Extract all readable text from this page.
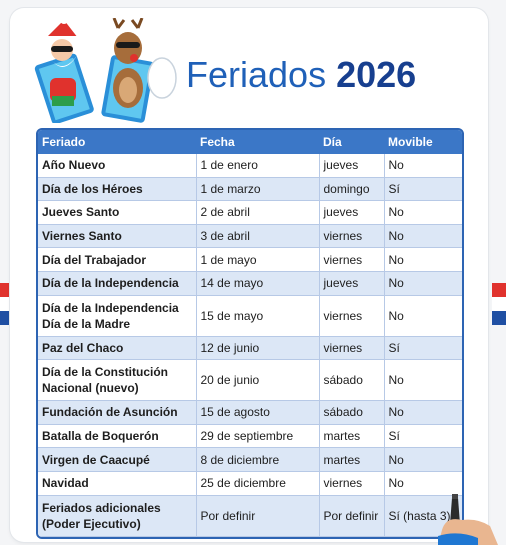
Feriados 2026
Feriado	Fecha	Día	Movible
Año Nuevo	1 de enero	jueves	No
Día de los Héroes	1 de marzo	domingo	Sí
Jueves Santo	2 de abril	jueves	No
Viernes Santo	3 de abril	viernes	No
Día del Trabajador	1 de mayo	viernes	No
Día de la Independencia	14 de mayo	jueves	No

Día de la Independencia
Día de la Madre	15 de mayo	viernes	No
Paz del Chaco	12 de junio	viernes	Sí

Día de la Constitución
Nacional (nuevo)	20 de junio	sábado	No
Fundación de Asunción	15 de agosto	sábado	No
Batalla de Boquerón	29 de septiembre	martes	Sí
Virgen de Caacupé	8 de diciembre	martes	No
Navidad	25 de diciembre	viernes	No

Feriados adicionales
(Poder Ejecutivo)	Por definir	Por definir	Sí (hasta 3)
